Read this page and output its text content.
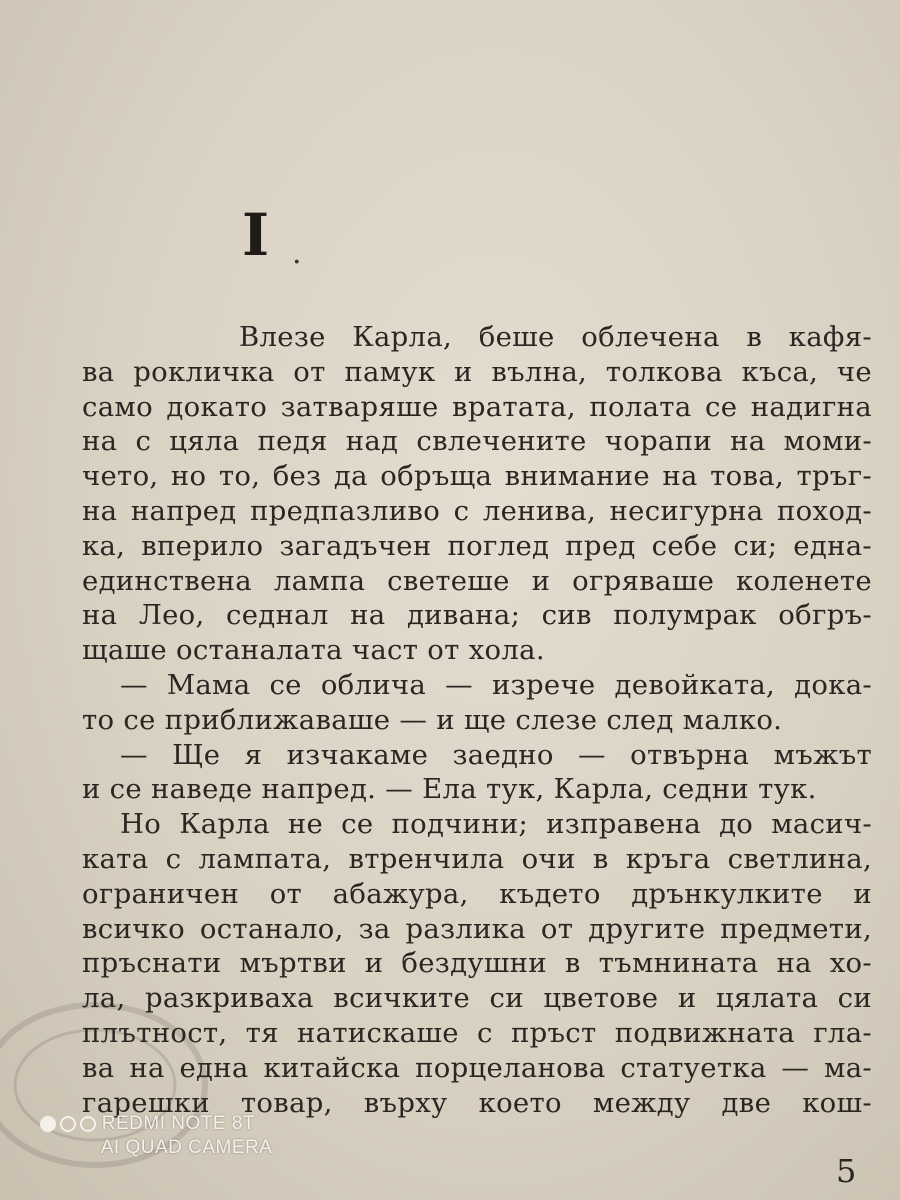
I .
Влезе Карла, беше облечена в кафя-
ва рокличка от памук и вълна, толкова къса, че
само докато затваряше вратата, полата се надигна
на с цяла педя над свлечените чорапи на моми-
чето, но то, без да обръща внимание на това, тръг-
на напред предпазливо с ленива, несигурна поход-
ка, вперило загадъчен поглед пред себе си; една-
единствена лампа светеше и огряваше коленете
на Лео, седнал на дивана; сив полумрак обгръ-
щаше останалата част от хола.
— Мама се облича — изрече девойката, дока-
то се приближаваше — и ще слезе след малко.
— Ще я изчакаме заедно — отвърна мъжът
и се наведе напред. — Ела тук, Карла, седни тук.
Но Карла не се подчини; изправена до масич-
ката с лампата, втренчила очи в кръга светлина,
ограничен от абажура, където дрънкулките и
всичко останало, за разлика от другите предмети,
пръснати мъртви и бездушни в тъмнината на хо-
ла, разкриваха всичките си цветове и цялата си
плътност, тя натискаше с пръст подвижната гла-
ва на една китайска порцеланова статуетка — ма-
гарешки товар, върху което между две кош-
REDMI NOTE 8T
AI QUAD CAMERA
5
